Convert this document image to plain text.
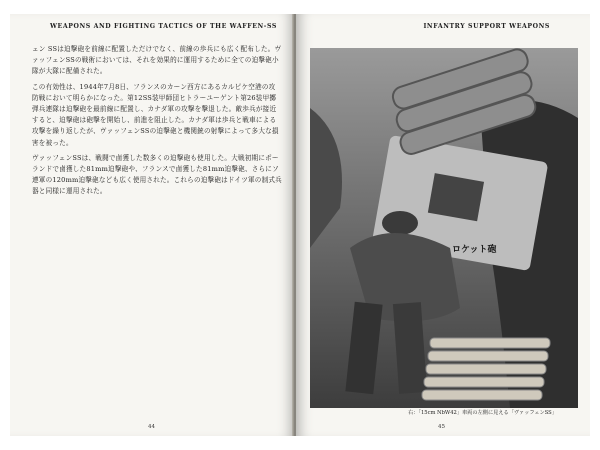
WEAPONS AND FIGHTING TACTICS OF THE WAFFEN-SS

ェン SSは迫撃砲を前線に配置しただけでなく、前線の歩兵にも広く配布した。ヴァッフェンSSの戦術においては、それを効果的に運用するために全ての迫撃砲小隊が大隊に配備された。

この有効性は、1944年7月8日、フランスのカーン西方にあるカルピケ空港の攻防戦において明らかになった。第12SS装甲師団ヒトラーユーゲント第26装甲擲弾兵連隊は迫撃砲を最前線に配置し、カナダ軍の攻撃を撃退した。敵歩兵が接近すると、迫撃砲は砲撃を開始し、前進を阻止した。カナダ軍は歩兵と戦車による攻撃を繰り返したが、ヴァッフェンSSの迫撃砲と機関銃の射撃によって多大な損害を被った。

ヴァッフェンSSは、戦闘で鹵獲した数多くの迫撃砲も使用した。大戦初期にポーランドで鹵獲した81mm迫撃砲や、フランスで鹵獲した81mm迫撃砲、さらにソ連軍の120mm迫撃砲なども広く使用された。これらの迫撃砲はドイツ軍の制式兵器と同様に運用された。

44
INFANTRY SUPPORT WEAPONS
ロケット砲
右：「15cm NbW42」車両の左側に見える「ヴァッフェンSS」
45
